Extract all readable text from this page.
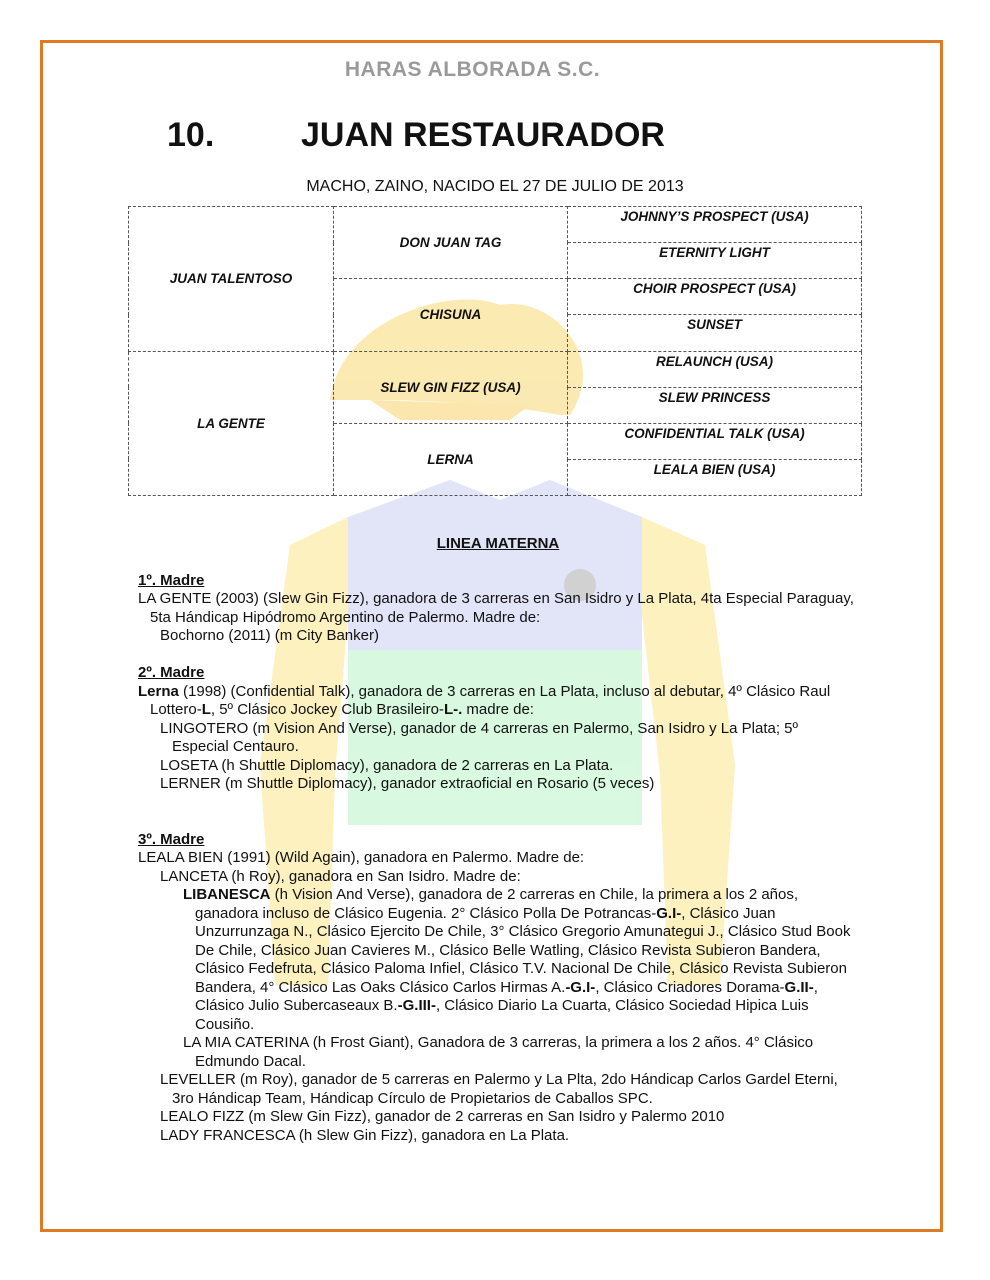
HARAS ALBORADA S.C.
10.	JUAN RESTAURADOR
MACHO, ZAINO, NACIDO EL 27 DE JULIO DE 2013
JUAN TALENTOSO	DON JUAN TAG	JOHNNY’S PROSPECT (USA)
		ETERNITY LIGHT
	CHISUNA	CHOIR PROSPECT (USA)
		SUNSET
LA GENTE	SLEW GIN FIZZ (USA)	RELAUNCH (USA)
		SLEW PRINCESS
	LERNA	CONFIDENTIAL TALK (USA)
		LEALA BIEN (USA)

LINEA MATERNA

1º. Madre

LA GENTE (2003) (Slew Gin Fizz), ganadora de 3 carreras en San Isidro y La Plata, 4ta Especial Paraguay, 5ta Hándicap Hipódromo Argentino de Palermo. Madre de:

Bochorno (2011) (m City Banker)

2º. Madre

Lerna (1998) (Confidential Talk), ganadora de 3 carreras en La Plata, incluso al debutar, 4º Clásico Raul Lottero-L, 5º Clásico Jockey Club Brasileiro-L-. madre de:

LINGOTERO (m Vision And Verse), ganador de 4 carreras en Palermo, San Isidro y La Plata; 5º Especial Centauro.

LOSETA (h Shuttle Diplomacy), ganadora de 2 carreras en La Plata.

LERNER (m Shuttle Diplomacy), ganador extraoficial en Rosario (5 veces)

3º. Madre

LEALA BIEN (1991) (Wild Again), ganadora en Palermo. Madre de:

LANCETA (h Roy), ganadora en San Isidro. Madre de:

LIBANESCA (h Vision And Verse), ganadora de 2 carreras en Chile, la primera a los 2 años, ganadora incluso de Clásico Eugenia. 2° Clásico Polla De Potrancas-G.I-, Clásico Juan Unzurrunzaga N., Clásico Ejercito De Chile, 3° Clásico Gregorio Amunategui J., Clásico Stud Book De Chile, Clásico Juan Cavieres M., Clásico Belle Watling, Clásico Revista Subieron Bandera, Clásico Fedefruta, Clásico Paloma Infiel, Clásico T.V. Nacional De Chile, Clásico Revista Subieron Bandera, 4° Clásico Las Oaks Clásico Carlos Hirmas A.-G.I-, Clásico Criadores Dorama-G.II-, Clásico Julio Subercaseaux B.-G.III-, Clásico Diario La Cuarta, Clásico Sociedad Hipica Luis Cousiño.

LA MIA CATERINA (h Frost Giant), Ganadora de 3 carreras, la primera a los 2 años. 4° Clásico Edmundo Dacal.

LEVELLER (m Roy), ganador de 5 carreras en Palermo y La Plta, 2do Hándicap Carlos Gardel Eterni, 3ro Hándicap Team, Hándicap Círculo de Propietarios de Caballos SPC.

LEALO FIZZ (m Slew Gin Fizz), ganador de 2 carreras en San Isidro y Palermo 2010

LADY FRANCESCA (h Slew Gin Fizz), ganadora en La Plata.
